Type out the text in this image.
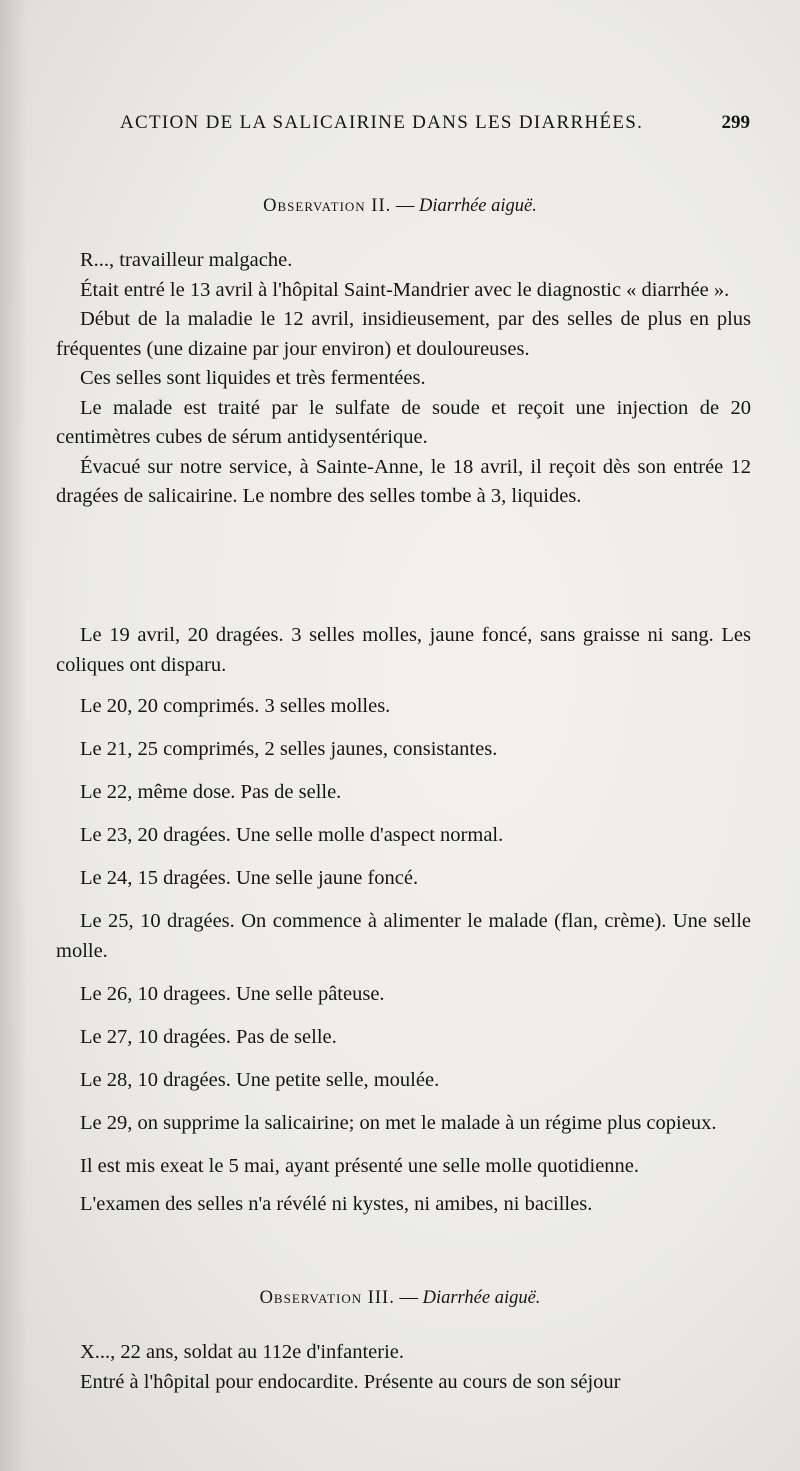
ACTION DE LA SALICAIRINE DANS LES DIARRHÉES.	299
Observation II. — Diarrhée aiguë.

R..., travailleur malgache.

Était entré le 13 avril à l'hôpital Saint-Mandrier avec le diagnostic « diarrhée ».

Début de la maladie le 12 avril, insidieusement, par des selles de plus en plus fréquentes (une dizaine par jour environ) et douloureuses.

Ces selles sont liquides et très fermentées.

Le malade est traité par le sulfate de soude et reçoit une injection de 20 centimètres cubes de sérum antidysentérique.

Évacué sur notre service, à Sainte-Anne, le 18 avril, il reçoit dès son entrée 12 dragées de salicairine. Le nombre des selles tombe à 3, liquides.

Le 19 avril, 20 dragées. 3 selles molles, jaune foncé, sans graisse ni sang. Les coliques ont disparu.

Le 20, 20 comprimés. 3 selles molles.

Le 21, 25 comprimés, 2 selles jaunes, consistantes.

Le 22, même dose. Pas de selle.

Le 23, 20 dragées. Une selle molle d'aspect normal.

Le 24, 15 dragées. Une selle jaune foncé.

Le 25, 10 dragées. On commence à alimenter le malade (flan, crème). Une selle molle.

Le 26, 10 dragees. Une selle pâteuse.

Le 27, 10 dragées. Pas de selle.

Le 28, 10 dragées. Une petite selle, moulée.

Le 29, on supprime la salicairine; on met le malade à un régime plus copieux.

Il est mis exeat le 5 mai, ayant présenté une selle molle quotidienne.

L'examen des selles n'a révélé ni kystes, ni amibes, ni bacilles.

Observation III. — Diarrhée aiguë.

X..., 22 ans, soldat au 112e d'infanterie.

Entré à l'hôpital pour endocardite. Présente au cours de son séjour
